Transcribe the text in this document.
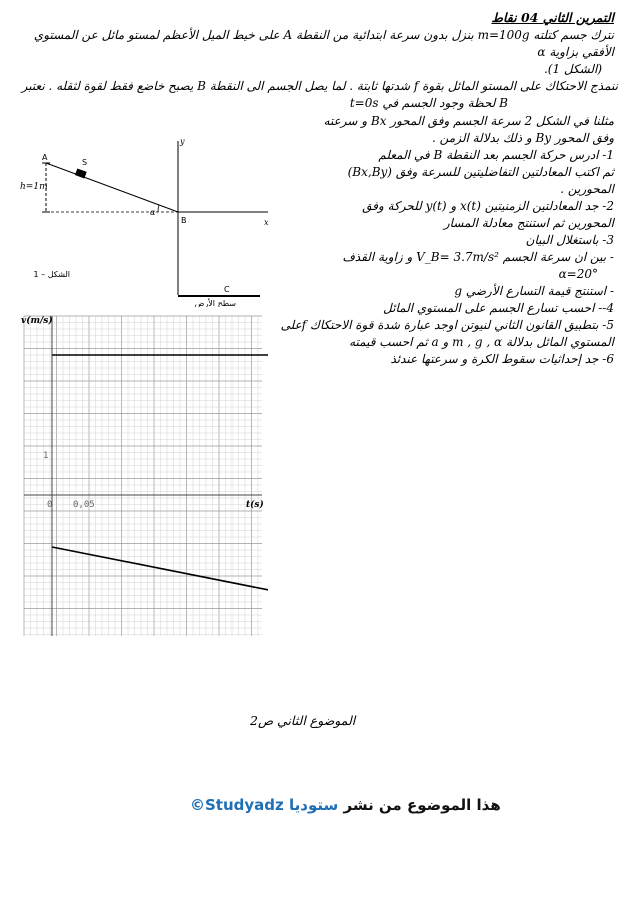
التمرين الثاني 04 نقاط
نترك جسم كتلته m=100g بنزل بدون سرعة ابتدائية من النقطة A على خيط الميل الأعظم لمستو مائل عن المستوي
الأفقي بزاوية α
(الشكل 1).
ننمذج الاحتكاك على المستو المائل بقوة f شدتها ثابتة . لما يصل الجسم الى النقطة B يصبح خاضع فقط لقوة لثقله . نعتبر
t=0s لحظة وجود الجسم في B
مثلنا في الشكل 2 سرعة الجسم وفق المحور Bx و سرعته
وفق المحور By و ذلك بدلالة الزمن .
1- ادرس حركة الجسم بعد النقطة B في المعلم
(Bx,By) ثم اكتب المعادلتين التفاضليتين للسرعة وفق
المحورين .
2- جد المعادلتين الزمنيتين x(t) و y(t) للحركة وفق
المحورين ثم استنتج معادلة المسار
3- باستغلال البيان
- بين ان سرعة الجسم V_B= 3.7m/s² و زاوية القذف
α=20°
- استنتج قيمة التسارع الأرضي g
4-- احسب تسارع الجسم على المستوي المائل
5- بتطبيق القانون الثاني لنيوتن اوجد عبارة شدة قوة الاحتكاك fعلى
المستوي المائل بدلالة m , g , α و a ثم احسب قيمته
6- جد إحداثيات سقوط الكرة و سرعتها عندئذ
h=1m
S
A
y
x
B
α
الشكل – 1
C
سطح الأرض
v(m/s)
t(s)
0 0,05
1
الموضوع الثاني ص2
هذا الموضوع من نشر ستوديا Studyadz©
